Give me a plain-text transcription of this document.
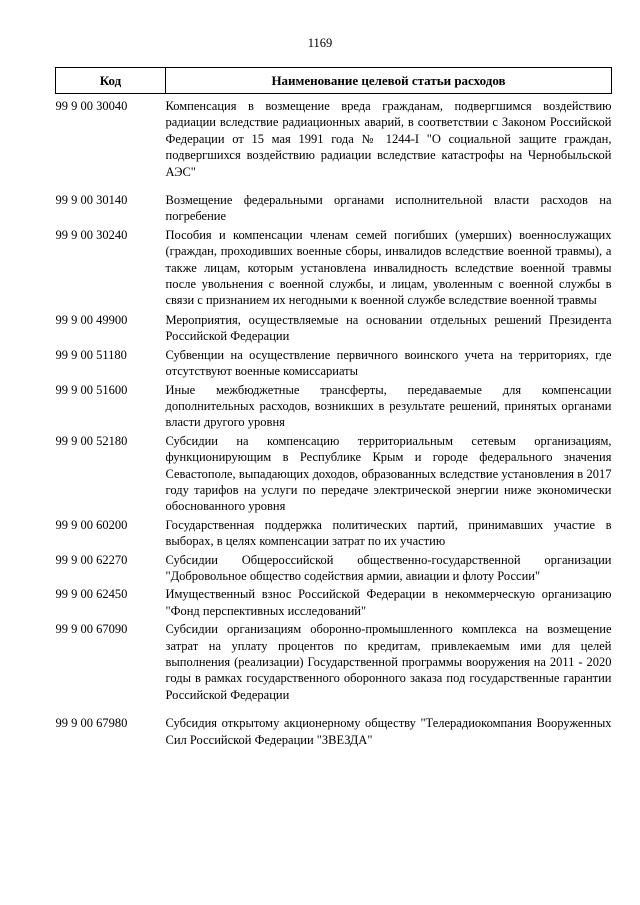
1169
Код	Наименование целевой статьи расходов
99 9 00 30040	Компенсация в возмещение вреда гражданам, подвергшимся воздействию радиации вследствие радиационных аварий, в соответствии с Законом Российской Федерации от 15 мая 1991 года № 1244-I "О социальной защите граждан, подвергшихся воздействию радиации вследствие катастрофы на Чернобыльской АЭС"
99 9 00 30140	Возмещение федеральными органами исполнительной власти расходов на погребение
99 9 00 30240	Пособия и компенсации членам семей погибших (умерших) военнослужащих (граждан, проходивших военные сборы, инвалидов вследствие военной травмы), а также лицам, которым установлена инвалидность вследствие военной травмы после увольнения с военной службы, и лицам, уволенным с военной службы в связи с признанием их негодными к военной службе вследствие военной травмы
99 9 00 49900	Мероприятия, осуществляемые на основании отдельных решений Президента Российской Федерации
99 9 00 51180	Субвенции на осуществление первичного воинского учета на территориях, где отсутствуют военные комиссариаты
99 9 00 51600	Иные межбюджетные трансферты, передаваемые для компенсации дополнительных расходов, возникших в результате решений, принятых органами власти другого уровня
99 9 00 52180	Субсидии на компенсацию территориальным сетевым организациям, функционирующим в Республике Крым и городе федерального значения Севастополе, выпадающих доходов, образованных вследствие установления в 2017 году тарифов на услуги по передаче электрической энергии ниже экономически обоснованного уровня
99 9 00 60200	Государственная поддержка политических партий, принимавших участие в выборах, в целях компенсации затрат по их участию
99 9 00 62270	Субсидии Общероссийской общественно-государственной организации "Добровольное общество содействия армии, авиации и флоту России"
99 9 00 62450	Имущественный взнос Российской Федерации в некоммерческую организацию "Фонд перспективных исследований"
99 9 00 67090	Субсидии организациям оборонно-промышленного комплекса на возмещение затрат на уплату процентов по кредитам, привлекаемым ими для целей выполнения (реализации) Государственной программы вооружения на 2011 - 2020 годы в рамках государственного оборонного заказа под государственные гарантии Российской Федерации
99 9 00 67980	Субсидия открытому акционерному обществу "Телерадиокомпания Вооруженных Сил Российской Федерации "ЗВЕЗДА"
